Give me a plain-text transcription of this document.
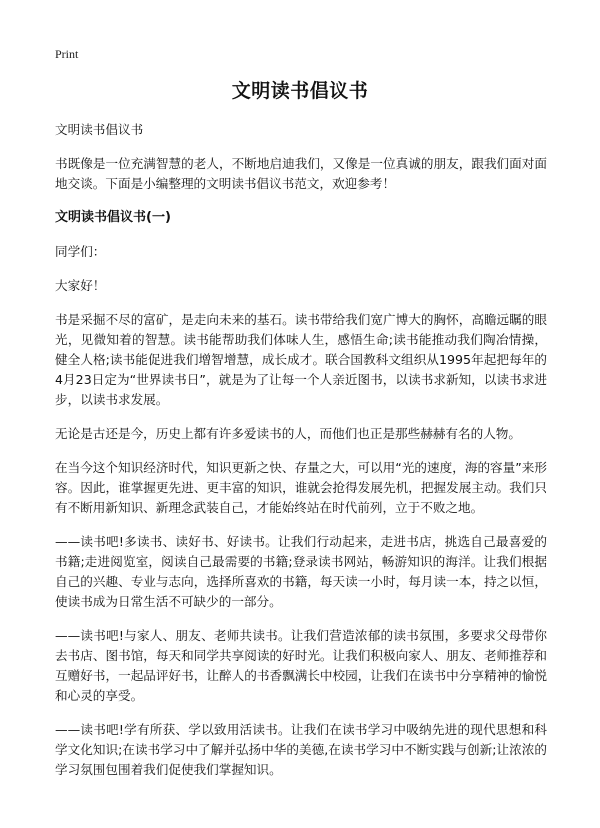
Print
文明读书倡议书

文明读书倡议书

书既像是一位充满智慧的老人，不断地启迪我们，又像是一位真诚的朋友，跟我们面对面地交谈。下面是小编整理的文明读书倡议书范文，欢迎参考！

文明读书倡议书(一)

同学们：

大家好！

书是采掘不尽的富矿，是走向未来的基石。读书带给我们宽广博大的胸怀，高瞻远瞩的眼光，见微知着的智慧。读书能帮助我们体味人生，感悟生命;读书能推动我们陶冶情操，健全人格;读书能促进我们增智增慧，成长成才。联合国教科文组织从1995年起把每年的4月23日定为“世界读书日”，就是为了让每一个人亲近图书，以读书求新知，以读书求进步，以读书求发展。

无论是古还是今，历史上都有许多爱读书的人，而他们也正是那些赫赫有名的人物。

在当今这个知识经济时代，知识更新之快、存量之大，可以用“光的速度，海的容量”来形容。因此，谁掌握更先进、更丰富的知识，谁就会抢得发展先机，把握发展主动。我们只有不断用新知识、新理念武装自己，才能始终站在时代前列，立于不败之地。

——读书吧!多读书、读好书、好读书。让我们行动起来，走进书店，挑选自己最喜爱的书籍;走进阅览室，阅读自己最需要的书籍;登录读书网站，畅游知识的海洋。让我们根据自己的兴趣、专业与志向，选择所喜欢的书籍，每天读一小时，每月读一本，持之以恒，使读书成为日常生活不可缺少的一部分。

——读书吧!与家人、朋友、老师共读书。让我们营造浓郁的读书氛围，多要求父母带你去书店、图书馆，每天和同学共享阅读的好时光。让我们积极向家人、朋友、老师推荐和互赠好书，一起品评好书，让醉人的书香飘满长中校园，让我们在读书中分享精神的愉悦和心灵的享受。

——读书吧!学有所获、学以致用活读书。让我们在读书学习中吸纳先进的现代思想和科学文化知识;在读书学习中了解并弘扬中华的美德,在读书学习中不断实践与创新;让浓浓的学习氛围包围着我们促使我们掌握知识。
